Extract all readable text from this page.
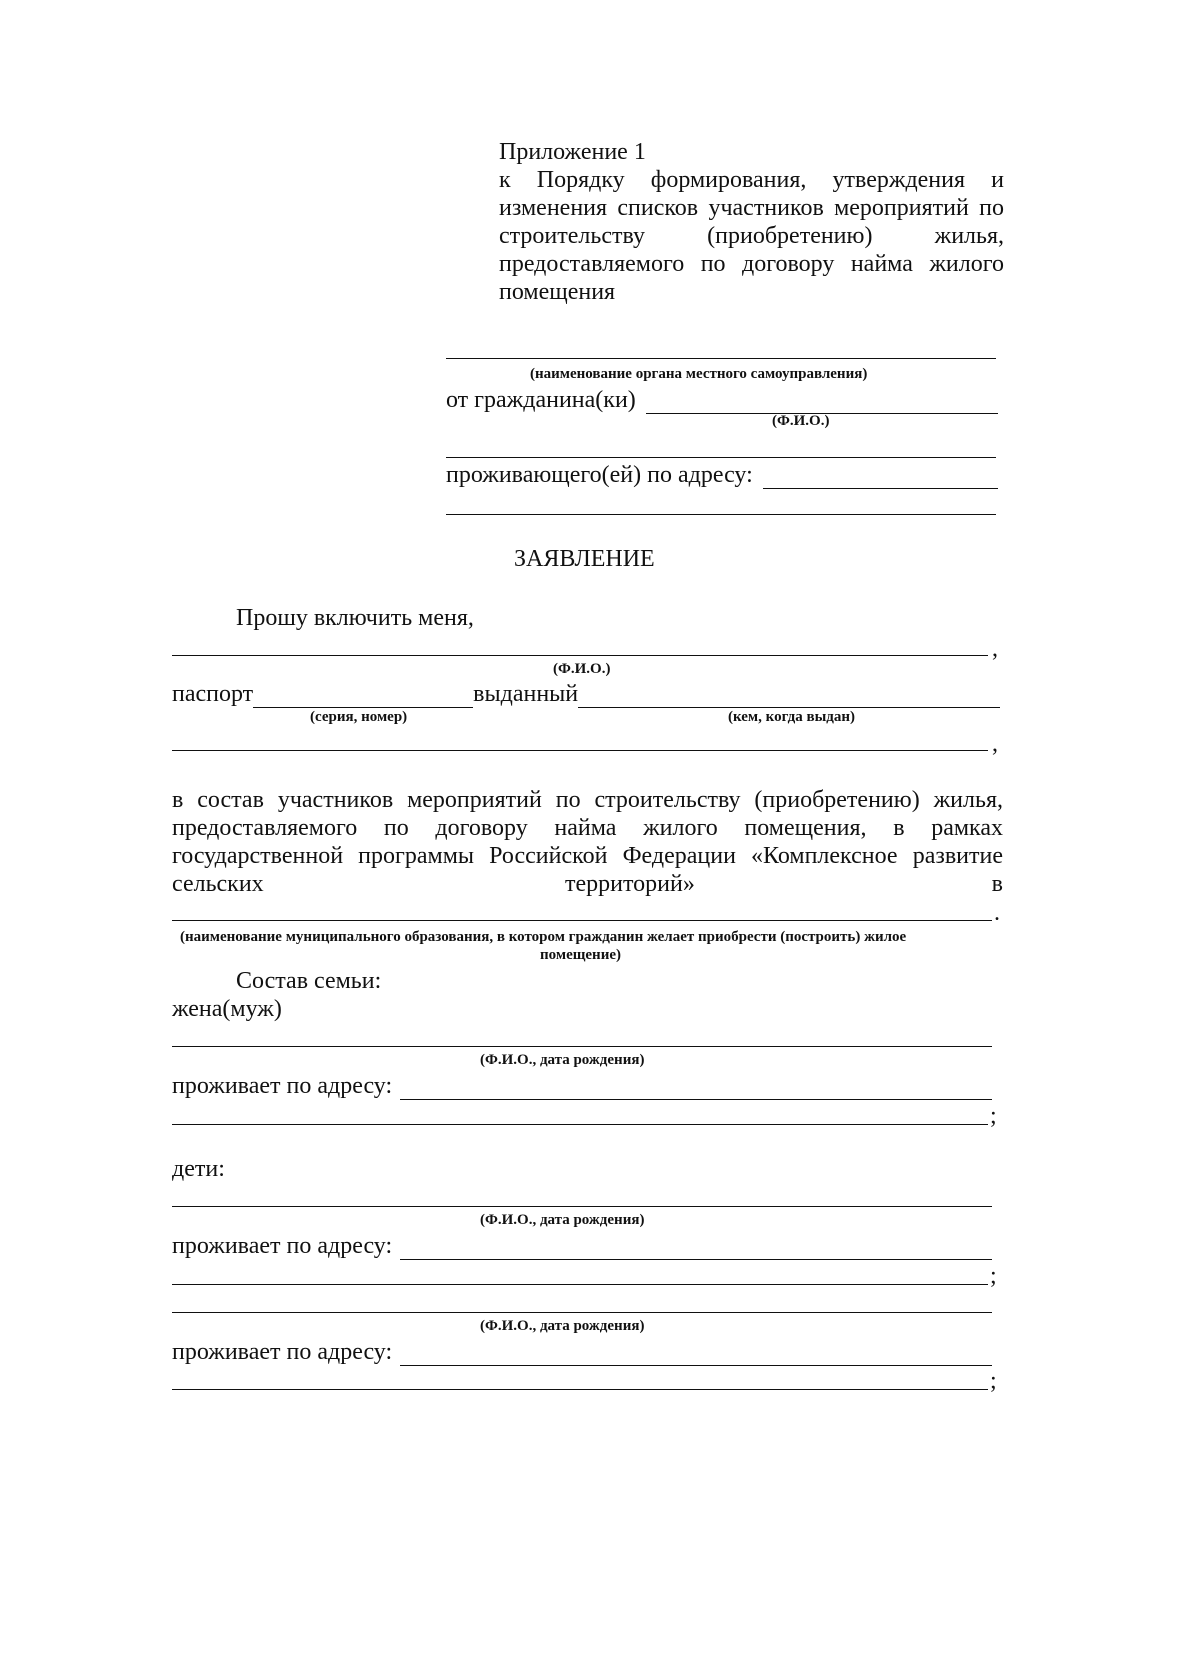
Приложение 1
к Порядку формирования, утверждения и
изменения списков участников мероприятий по
строительству (приобретению) жилья,
предоставляемого по договору найма жилого
помещения
(наименование органа местного самоуправления)
от гражданина(ки)
(Ф.И.О.)
проживающего(ей) по адресу:
ЗАЯВЛЕНИЕ
Прошу включить меня,
,
(Ф.И.О.)
паспорт	выданный
(серия, номер)	(кем, когда выдан)
,
в состав участников мероприятий по строительству (приобретению) жилья,
предоставляемого по договору найма жилого помещения, в рамках
государственной программы Российской Федерации «Комплексное развитие
сельских	территорий»	в
.
(наименование муниципального образования, в котором гражданин желает приобрести (построить) жилое
помещение)
Состав семьи:
жена(муж)
(Ф.И.О., дата рождения)
проживает по адресу:
;
дети:
(Ф.И.О., дата рождения)
проживает по адресу:
;
(Ф.И.О., дата рождения)
проживает по адресу:
;
